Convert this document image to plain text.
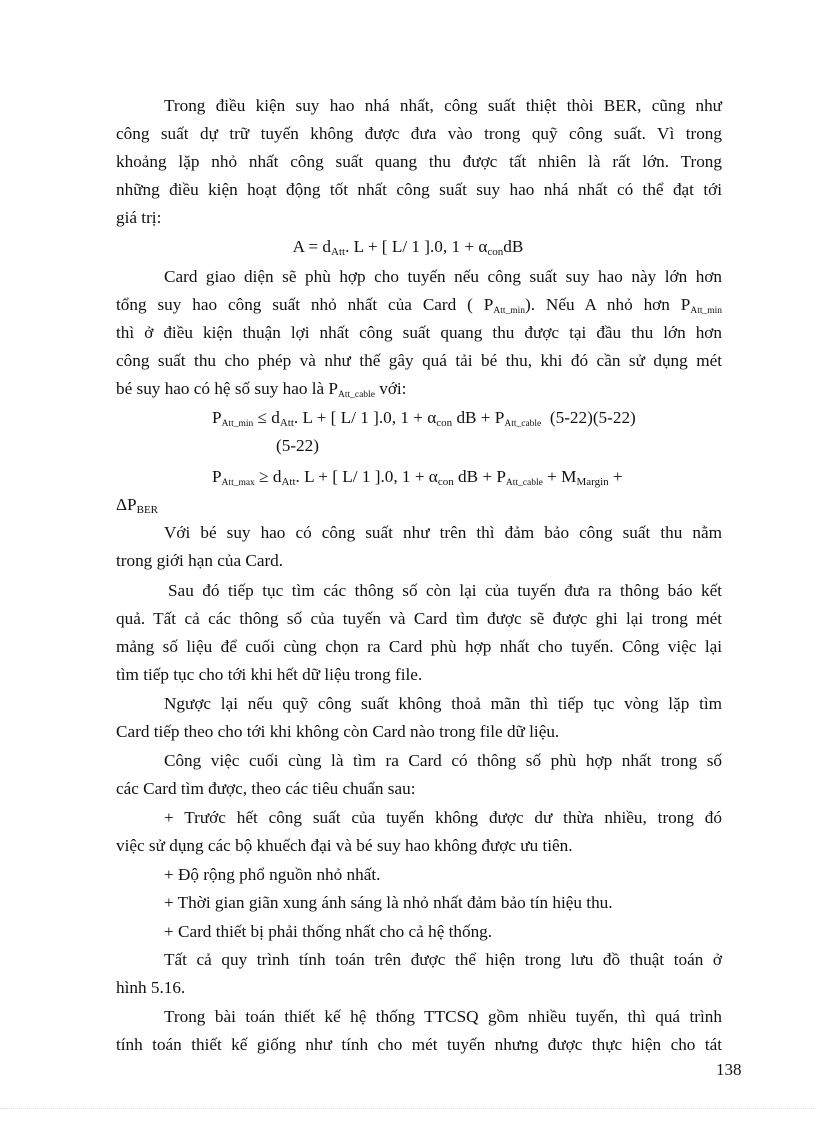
Trong điều kiện suy hao nhá nhất, công suất thiệt thòi BER, cũng như
công suất dự trữ tuyến không được đưa vào trong quỹ công suất. Vì trong
khoảng lặp nhỏ nhất công suất quang thu được tất nhiên là rất lớn. Trong
những điều kiện hoạt động tốt nhất công suất suy hao nhá nhất có thể đạt tới
giá trị:
$A = d_{Att}$. L + [ L/ 1 ].0, $1 + \alpha_{con}dB$
Card giao diện sẽ phù hợp cho tuyến nếu công suất suy hao này lớn hơn
tổng suy hao công suất nhỏ nhất của Card ( $P_{Att\_min}$). Nếu A nhỏ hơn $P_{Att\_min}$
thì ở điều kiện thuận lợi nhất công suất quang thu được tại đầu thu lớn hơn
công suất thu cho phép và như thế gây quá tải bé thu, khi đó cần sử dụng mét
bé suy hao có hệ số suy hao là $P_{Att\_cable}$ với:
$P_{Att\_min} \le d_{Att}$. L + [ L/ 1 ].0, $1 + \alpha_{con}$ dB + $P_{Att\_cable}$ (5-22)(5-22)
(5-22)
$P_{Att\_max} \ge d_{Att}$. L + [ L/ 1 ].0, $1 + \alpha_{con}$ dB + $P_{Att\_cable} + M_{Margin}$ +
$\Delta P_{BER}$
Với bé suy hao có công suất như trên thì đảm bảo công suất thu nằm
trong giới hạn của Card.
Sau đó tiếp tục tìm các thông số còn lại của tuyến đưa ra thông báo kết
quả. Tất cả các thông số của tuyến và Card tìm được sẽ được ghi lại trong mét
mảng số liệu để cuối cùng chọn ra Card phù hợp nhất cho tuyến. Công việc lại
tìm tiếp tục cho tới khi hết dữ liệu trong file.
Ngược lại nếu quỹ công suất không thoả mãn thì tiếp tục vòng lặp tìm
Card tiếp theo cho tới khi không còn Card nào trong file dữ liệu.
Công việc cuối cùng là tìm ra Card có thông số phù hợp nhất trong số
các Card tìm được, theo các tiêu chuẩn sau:
+ Trước hết công suất của tuyến không được dư thừa nhiều, trong đó
việc sử dụng các bộ khuếch đại và bé suy hao không được ưu tiên.
+ Độ rộng phổ nguồn nhỏ nhất.
+ Thời gian giãn xung ánh sáng là nhỏ nhất đảm bảo tín hiệu thu.
+ Card thiết bị phải thống nhất cho cả hệ thống.
Tất cả quy trình tính toán trên được thể hiện trong lưu đồ thuật toán ở
hình 5.16.
Trong bài toán thiết kế hệ thống TTCSQ gồm nhiều tuyến, thì quá trình
tính toán thiết kế giống như tính cho mét tuyến nhưng được thực hiện cho tát
138
